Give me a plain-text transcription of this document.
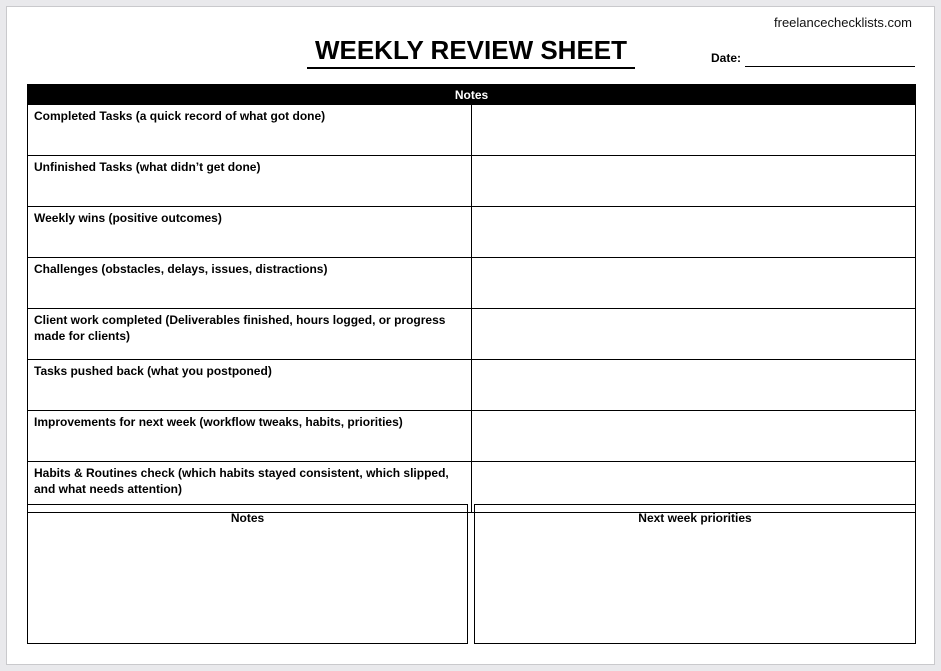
freelancechecklists.com
WEEKLY REVIEW SHEET	Date:
Notes	
Completed Tasks (a quick record of what got done)	
Unfinished Tasks (what didn’t get done)	
Weekly wins (positive outcomes)	
Challenges (obstacles, delays, issues, distractions)	
Client work completed (Deliverables finished, hours logged, or progress made for clients)	
Tasks pushed back (what you postponed)	
Improvements for next week (workflow tweaks, habits, priorities)	
Habits & Routines check (which habits stayed consistent, which slipped, and what needs attention)	
Notes	Next week priorities
